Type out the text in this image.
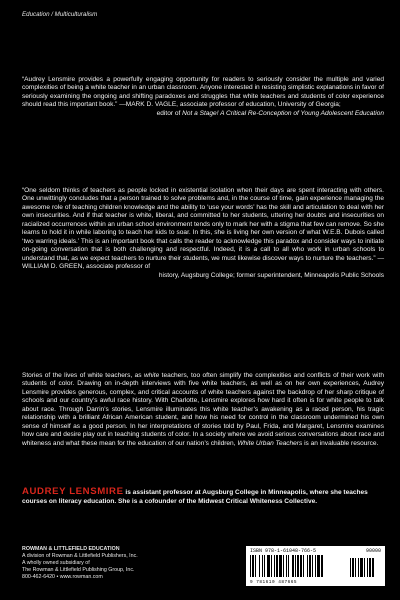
Education / Multiculturalism
“Audrey Lensmire provides a powerfully engaging opportunity for readers to seriously consider the multiple and varied complexities of being a white teacher in an urban classroom. Anyone interested in resisting simplistic explanations in favor of seriously examining the ongoing and shifting paradoxes and struggles that white teachers and students of color experience should read this important book.” —MARK D. VAGLE, associate professor of education, University of Georgia;
editor of Not a Stage! A Critical Re-Conception of Young Adolescent Education
“One seldom thinks of teachers as people locked in existential isolation when their days are spent interacting with others. One unwittingly concludes that a person trained to solve problems and, in the course of time, gain experience managing the awesome role of teaching children knowledge and the ability to ‘use your words’ has the skill and articulation to deal with her own insecurities. And if that teacher is white, liberal, and committed to her students, uttering her doubts and insecurities on racialized occurrences within an urban school environment tends only to mark her with a stigma that few can remove. So she learns to hold it in while laboring to teach her kids to soar. In this, she is living her own version of what W.E.B. Dubois called ‘two warring ideals.’ This is an important book that calls the reader to acknowledge this paradox and consider ways to initiate on-going conversation that is both challenging and respectful. Indeed, it is a call to all who work in urban schools to understand that, as we expect teachers to nurture their students, we must likewise discover ways to nurture the teachers.” —WILLIAM D. GREEN, associate professor of
history, Augsburg College; former superintendent, Minneapolis Public Schools
Stories of the lives of white teachers, as white teachers, too often simplify the complexities and conflicts of their work with students of color. Drawing on in-depth interviews with five white teachers, as well as on her own experiences, Audrey Lensmire provides generous, complex, and critical accounts of white teachers against the backdrop of her sharp critique of schools and our country’s awful race history. With Charlotte, Lensmire explores how hard it often is for white people to talk about race. Through Darrin’s stories, Lensmire illuminates this white teacher’s awakening as a raced person, his tragic relationship with a brilliant African American student, and how his need for control in the classroom undermined his own sense of himself as a good person. In her interpretations of stories told by Paul, Frida, and Margaret, Lensmire examines how care and desire play out in teaching students of color. In a society where we avoid serious conversations about race and whiteness and what these mean for the education of our nation’s children, White Urban Teachers is an invaluable resource.
AUDREY LENSMIRE is assistant professor at Augsburg College in Minneapolis, where she teaches courses on literacy education. She is a cofounder of the Midwest Critical Whiteness Collective.
ROWMAN & LITTLEFIELD EDUCATION
A division of Rowman & Littlefield Publishers, Inc.
A wholly owned subsidiary of
The Rowman & Littlefield Publishing Group, Inc.
800-462-6420 • www.rowman.com
ISBN 978-1-61048-766-5	90000
9 781610 487665
